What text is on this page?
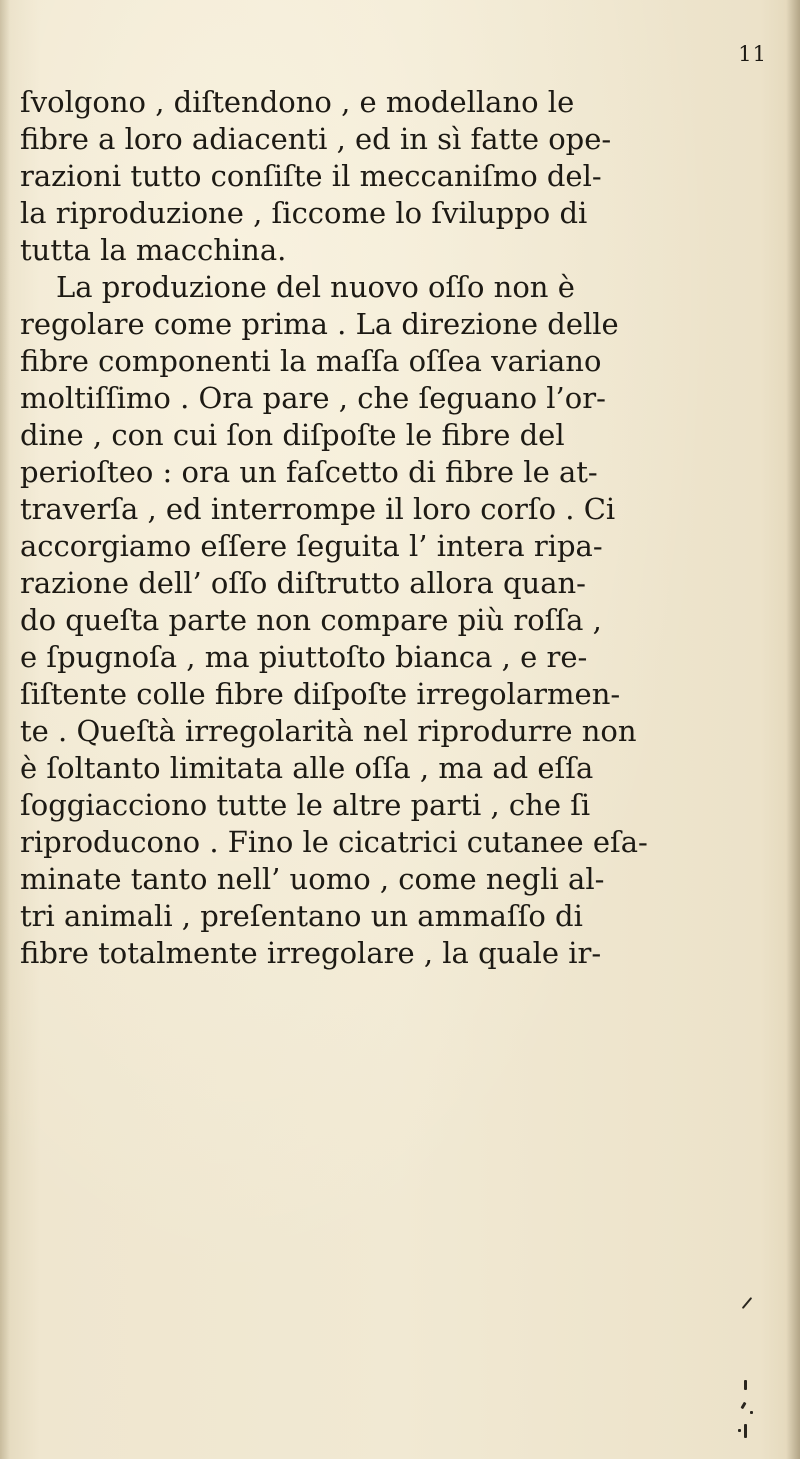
11
ſvolgono , diſtendono , e modellano le
fibre a loro adiacenti , ed in sì fatte ope-
razioni tutto conſiſte il meccaniſmo del-
la riproduzione , ſiccome lo ſviluppo di
tutta la macchina.
La produzione del nuovo oſſo non è
regolare come prima . La direzione delle
fibre componenti la maſſa oſſea variano
moltiſſimo . Ora pare , che ſeguano l’or-
dine , con cui ſon diſpoſte le fibre del
perioſteo : ora un faſcetto di fibre le at-
traverſa , ed interrompe il loro corſo . Ci
accorgiamo eſſere ſeguita l’ intera ripa-
razione dell’ oſſo diſtrutto allora quan-
do queſta parte non compare più roſſa ,
e ſpugnoſa , ma piuttoſto bianca , e re-
ſiſtente colle fibre diſpoſte irregolarmen-
te . Queſtà irregolarità nel riprodurre non
è ſoltanto limitata alle oſſa , ma ad eſſa
ſoggiacciono tutte le altre parti , che ſi
riproducono . Fino le cicatrici cutanee eſa-
minate tanto nell’ uomo , come negli al-
tri animali , preſentano un ammaſſo di
fibre totalmente irregolare , la quale ir-
